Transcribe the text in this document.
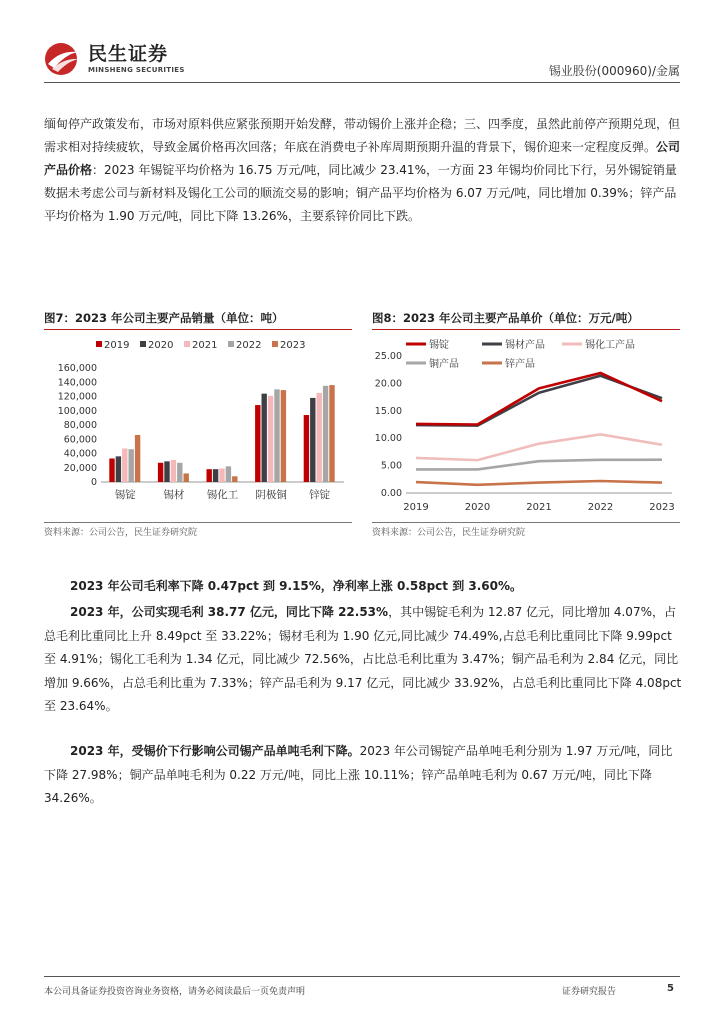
民生证券
MINSHENG SECURITIES	锡业股份(000960)/金属
缅甸停产政策发布，市场对原料供应紧张预期开始发酵，带动锡价上涨并企稳；三、四季度，虽然此前停产预期兑现，但需求相对持续疲软，导致金属价格再次回落；年底在消费电子补库周期预期升温的背景下，锡价迎来一定程度反弹。公司产品价格：2023 年锡锭平均价格为 16.75 万元/吨，同比减少 23.41%，一方面 23 年锡均价同比下行，另外锡锭销量数据未考虑公司与新材料及锡化工公司的顺流交易的影响；铜产品平均价格为 6.07 万元/吨，同比增加 0.39%；锌产品平均价格为 1.90 万元/吨，同比下降 13.26%，主要系锌价同比下跌。
图7：2023 年公司主要产品销量（单位：吨）	图8：2023 年公司主要产品单价（单位：万元/吨）
2019 2020 2021 2022 2023
0
20,000
40,000
60,000
80,000
100,000
120,000
140,000
160,000
锡锭	锡材 锡化工 阴极铜 锌锭
锡锭	锡材产品	锡化工产品
铜产品	锌产品
0.00
5.00
10.00
15.00
20.00
25.00
2019	2020	2021	2022	2023
资料来源：公司公告，民生证券研究院	资料来源：公司公告，民生证券研究院
2023 年公司毛利率下降 0.47pct 到 9.15%，净利率上涨 0.58pct 到 3.60%。
2023 年，公司实现毛利 38.77 亿元，同比下降 22.53%，其中锡锭毛利为 12.87 亿元，同比增加 4.07%，占总毛利比重同比上升 8.49pct 至 33.22%；锡材毛利为 1.90 亿元,同比减少 74.49%,占总毛利比重同比下降 9.99pct 至 4.91%；锡化工毛利为 1.34 亿元，同比减少 72.56%，占比总毛利比重为 3.47%；铜产品毛利为 2.84 亿元，同比增加 9.66%，占总毛利比重为 7.33%；锌产品毛利为 9.17 亿元，同比减少 33.92%，占总毛利比重同比下降 4.08pct 至 23.64%。
2023 年，受锡价下行影响公司锡产品单吨毛利下降。2023 年公司锡锭产品单吨毛利分别为 1.97 万元/吨，同比下降 27.98%；铜产品单吨毛利为 0.22 万元/吨，同比上涨 10.11%；锌产品单吨毛利为 0.67 万元/吨，同比下降 34.26%。
本公司具备证券投资咨询业务资格，请务必阅读最后一页免责声明	证券研究报告	5
